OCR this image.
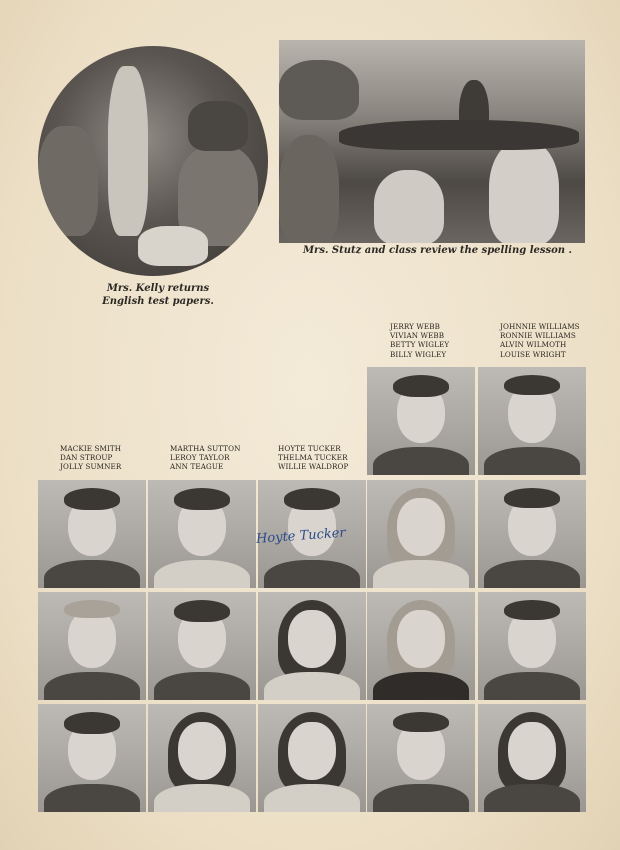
Mrs. Kelly returns
English test papers.
Mrs. Stutz and class review the spelling lesson .
JERRY WEBB
VIVIAN WEBB
BETTY WIGLEY
BILLY WIGLEY
JOHNNIE WILLIAMS
RONNIE WILLIAMS
ALVIN WILMOTH
LOUISE WRIGHT
MACKIE SMITH
DAN STROUP
JOLLY SUMNER
MARTHA SUTTON
LEROY TAYLOR
ANN TEAGUE
HOYTE TUCKER
THELMA TUCKER
WILLIE WALDROP
Hoyte Tucker
